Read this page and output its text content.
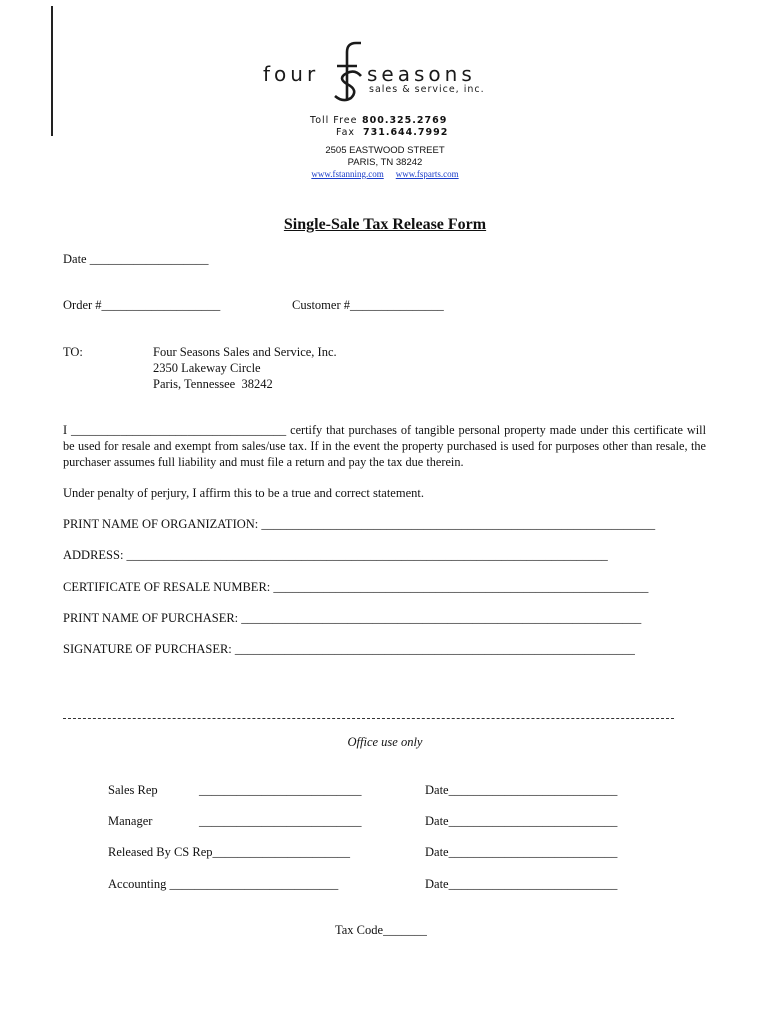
four seasons
sales & service, inc.
Toll Free 800.325.2769
Fax 731.644.7992
2505 EASTWOOD STREET
PARIS, TN 38242
www.fstanning.com www.fsparts.com
Single-Sale Tax Release Form
Date ___________________
Order #___________________	Customer #_______________
TO:	Four Seasons Sales and Service, Inc.
2350 Lakeway Circle
Paris, Tennessee  38242
I ___________________________________ certify that purchases of tangible personal property made under this certificate will be used for resale and exempt from sales/use tax. If in the event the property purchased is used for purposes other than resale, the purchaser assumes full liability and must file a return and pay the tax due therein.
Under penalty of perjury, I affirm this to be a true and correct statement.
PRINT NAME OF ORGANIZATION: _______________________________________________________________
ADDRESS: _____________________________________________________________________________
CERTIFICATE OF RESALE NUMBER: ____________________________________________________________
PRINT NAME OF PURCHASER: ________________________________________________________________
SIGNATURE OF PURCHASER: ________________________________________________________________
Office use only
Sales Rep	__________________________	Date___________________________
Manager	__________________________	Date___________________________
Released By CS Rep______________________	Date___________________________
Accounting ___________________________	Date___________________________
Tax Code_______
